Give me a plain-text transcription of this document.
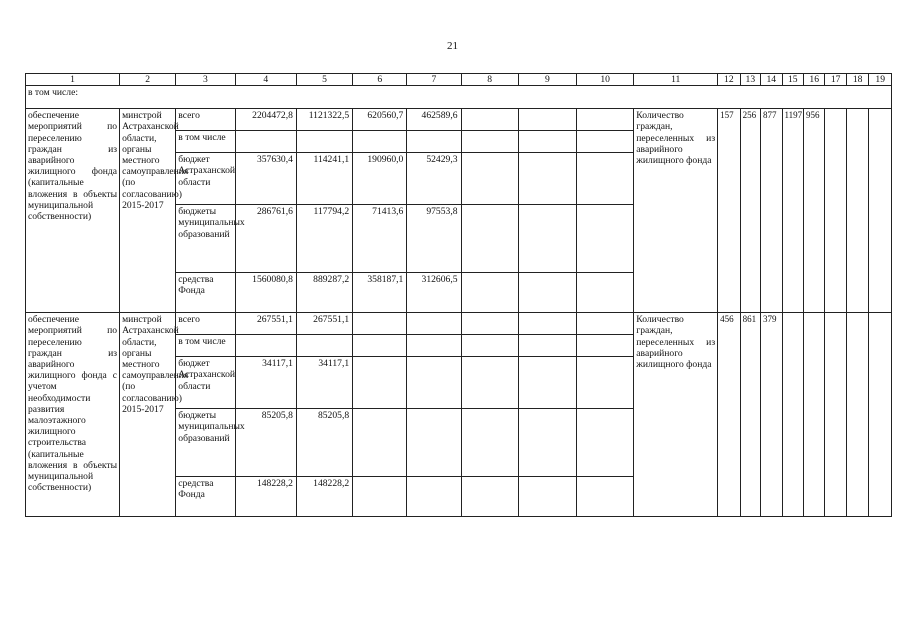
21
1	2	3	4	5	6	7	8	9	10	11	12	13	14	15	16	17	18	19
в том числе:																		
обеспечение мероприятий по переселению граждан из аварийного жилищного фонда (капитальные вложения в объекты муниципальной собственности)	минстрой Астраханской области, органы местного самоуправления (по согласованию) 2015-2017	всего	2204472,8	1121322,5	620560,7	462589,6				Количество граждан, переселенных из аварийного жилищного фонда	157	256	877	1197	956			
		в том числе																
		бюджет Астраханской области	357630,4	114241,1	190960,0	52429,3												
		бюджеты муниципальных образований	286761,6	117794,2	71413,6	97553,8												
		средства Фонда	1560080,8	889287,2	358187,1	312606,5												
обеспечение мероприятий по переселению граждан из аварийного жилищного фонда с учетом необходимости развития малоэтажного жилищного строительства (капитальные вложения в объекты муниципальной собственности)	минстрой Астраханской области, органы местного самоуправления (по согласованию) 2015-2017	всего	267551,1	267551,1						Количество граждан, переселенных из аварийного жилищного фонда	456	861	379					
		в том числе																
		бюджет Астраханской области	34117,1	34117,1														
		бюджеты муниципальных образований	85205,8	85205,8														
		средства Фонда	148228,2	148228,2														
